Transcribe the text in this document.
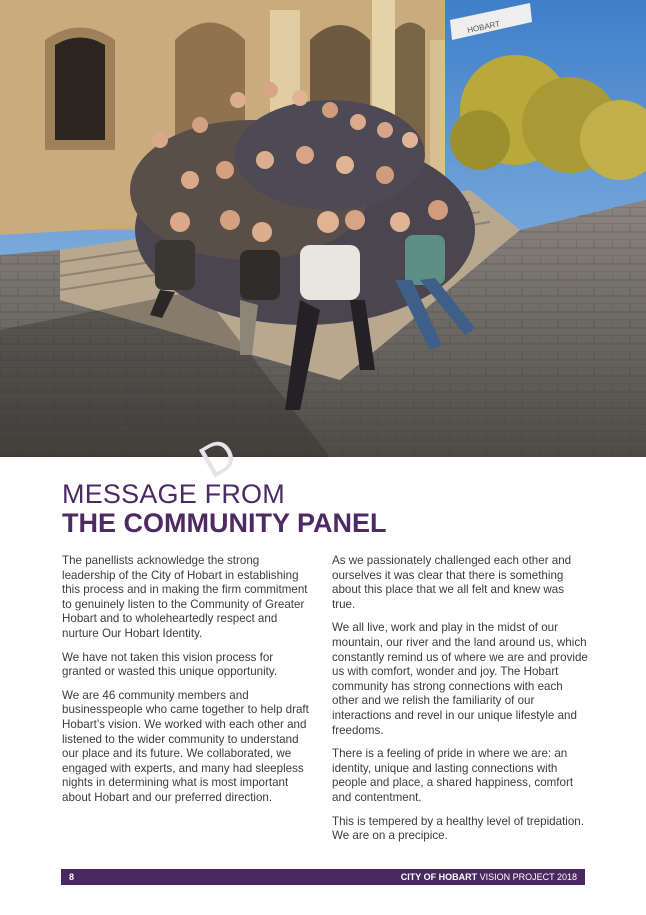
HOBART
D
MESSAGE FROM
THE COMMUNITY PANEL

The panellists acknowledge the strong leadership of the City of Hobart in establishing this process and in making the firm commitment to genuinely listen to the Community of Greater Hobart and to wholeheartedly respect and nurture Our Hobart Identity.

We have not taken this vision process for granted or wasted this unique opportunity.

We are 46 community members and businesspeople who came together to help draft Hobart’s vision. We worked with each other and listened to the wider community to understand our place and its future. We collaborated, we engaged with experts, and many had sleepless nights in determining what is most important about Hobart and our preferred direction.

As we passionately challenged each other and ourselves it was clear that there is something about this place that we all felt and knew was true.

We all live, work and play in the midst of our mountain, our river and the land around us, which constantly remind us of where we are and provide us with comfort, wonder and joy. The Hobart community has strong connections with each other and we relish the familiarity of our interactions and revel in our unique lifestyle and freedoms.

There is a feeling of pride in where we are: an identity, unique and lasting connections with people and place, a shared happiness, comfort and contentment.

This is tempered by a healthy level of trepidation. We are on a precipice.

8	CITY OF HOBART VISION PROJECT 2018
